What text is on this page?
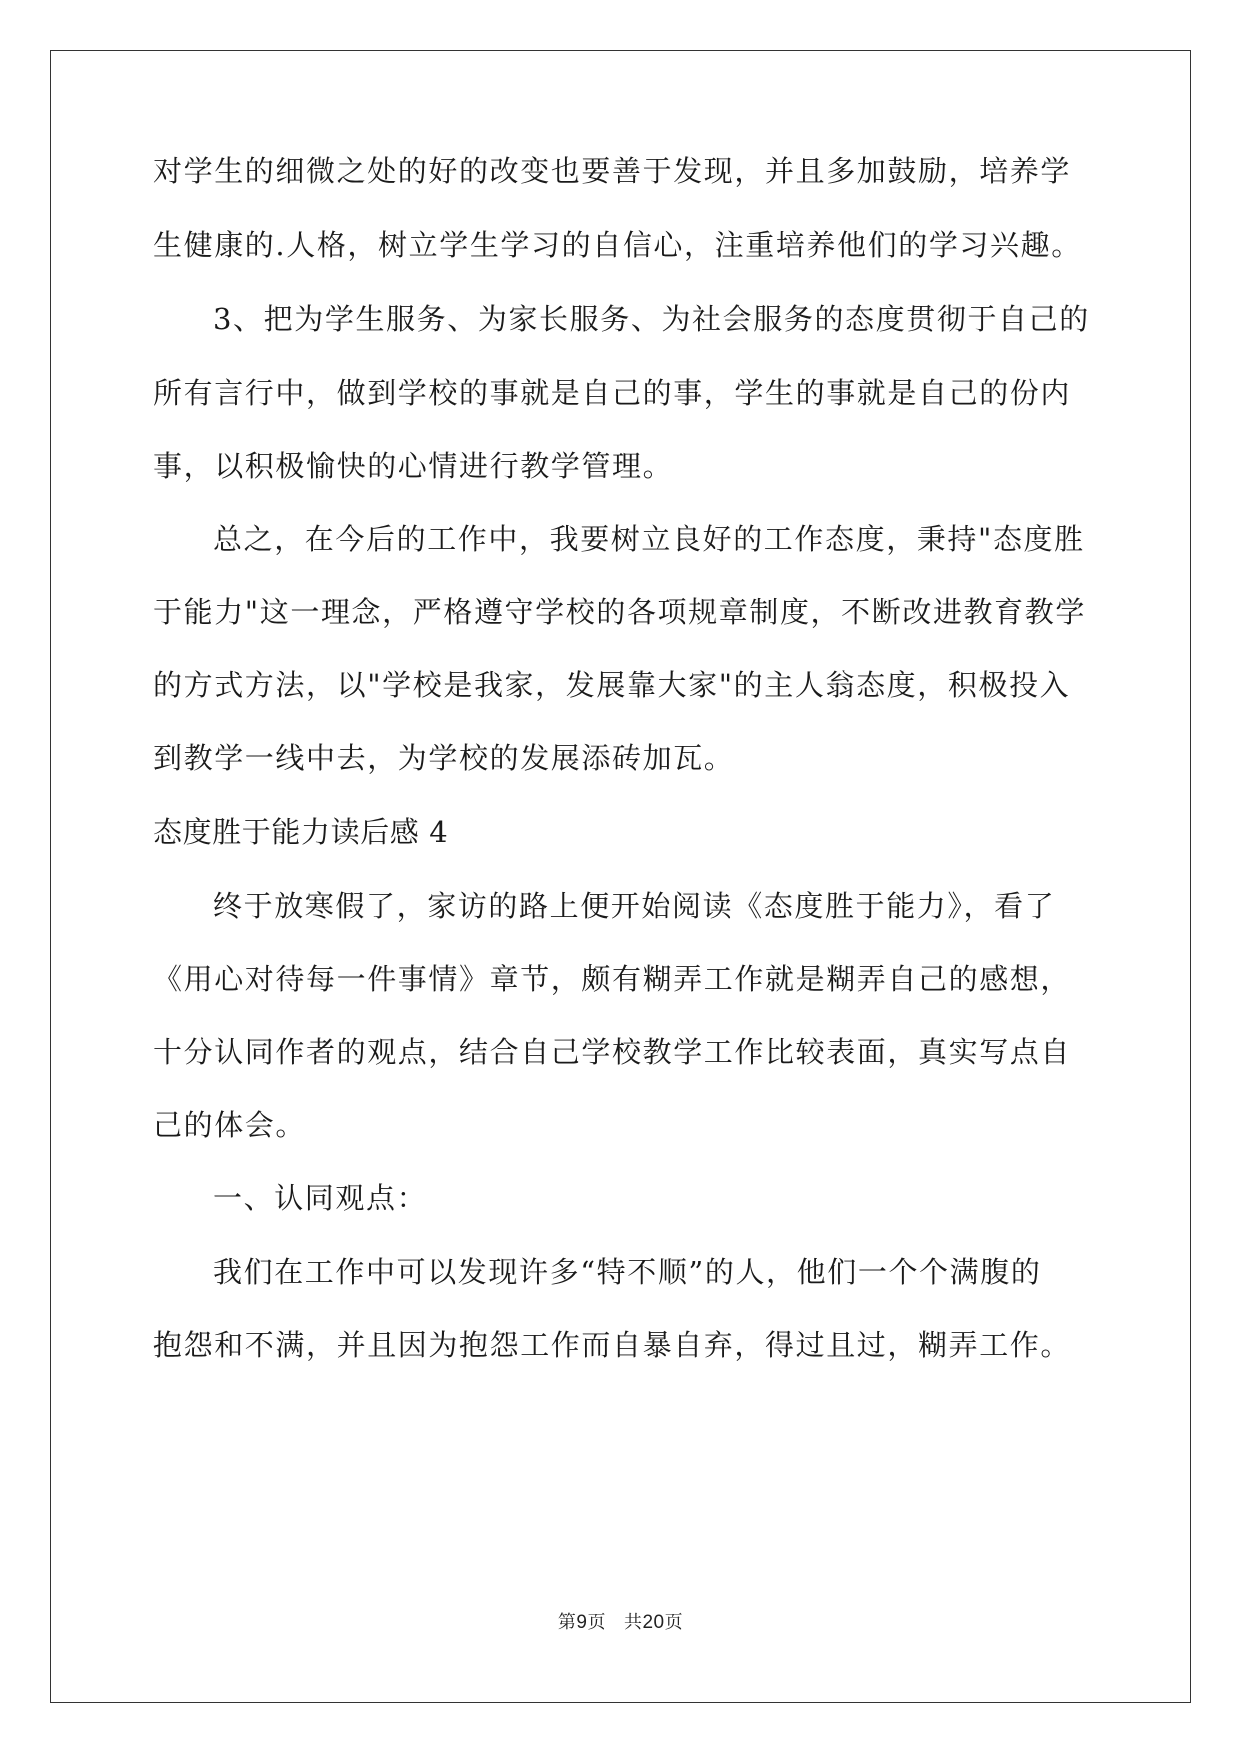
对学生的细微之处的好的改变也要善于发现，并且多加鼓励，培养学
生健康的.人格，树立学生学习的自信心，注重培养他们的学习兴趣。
3、把为学生服务、为家长服务、为社会服务的态度贯彻于自己的
所有言行中，做到学校的事就是自己的事，学生的事就是自己的份内
事，以积极愉快的心情进行教学管理。
总之，在今后的工作中，我要树立良好的工作态度，秉持"态度胜
于能力"这一理念，严格遵守学校的各项规章制度，不断改进教育教学
的方式方法，以"学校是我家，发展靠大家"的主人翁态度，积极投入
到教学一线中去，为学校的发展添砖加瓦。
态度胜于能力读后感 4
终于放寒假了，家访的路上便开始阅读《态度胜于能力》，看了
《用心对待每一件事情》章节，颇有糊弄工作就是糊弄自己的感想，
十分认同作者的观点，结合自己学校教学工作比较表面，真实写点自
己的体会。
一、认同观点：
我们在工作中可以发现许多“特不顺”的人，他们一个个满腹的
抱怨和不满，并且因为抱怨工作而自暴自弃，得过且过，糊弄工作。
第9页 共20页
